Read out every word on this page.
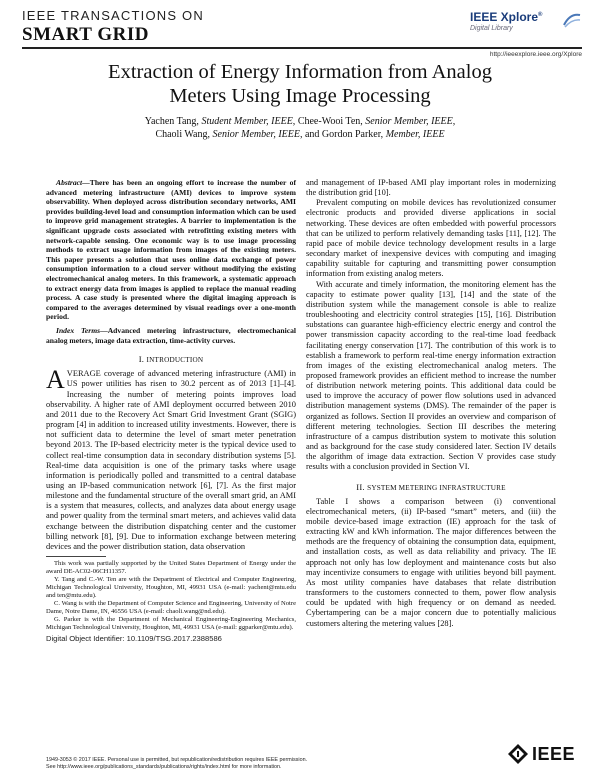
IEEE TRANSACTIONS ON
SMART GRID
IEEE Xplore®
Digital Library
http://ieeexplore.ieee.org/Xplore
Extraction of Energy Information from Analog
Meters Using Image Processing
Yachen Tang, Student Member, IEEE, Chee-Wooi Ten, Senior Member, IEEE,
Chaoli Wang, Senior Member, IEEE, and Gordon Parker, Member, IEEE

Abstract—There has been an ongoing effort to increase the number of advanced metering infrastructure (AMI) devices to improve system observability. When deployed across distribution secondary networks, AMI provides building-level load and consumption information which can be used to improve grid management strategies. A barrier to implementation is the significant upgrade costs associated with retrofitting existing meters with network-capable sensing. One economic way is to use image processing methods to extract usage information from images of the existing meters. This paper presents a solution that uses online data exchange of power consumption information to a cloud server without modifying the existing electromechanical analog meters. In this framework, a systematic approach to extract energy data from images is applied to replace the manual reading process. A case study is presented where the digital imaging approach is compared to the averages determined by visual readings over a one-month period.

Index Terms—Advanced metering infrastructure, electromechanical analog meters, image data extraction, time-activity curves.

I. INTRODUCTION

AVERAGE coverage of advanced metering infrastructure (AMI) in US power utilities has risen to 30.2 percent as of 2013 [1]–[4]. Increasing the number of metering points improves load observability. A higher rate of AMI deployment occurred between 2010 and 2011 due to the Recovery Act Smart Grid Investment Grant (SGIG) program [4] in addition to increased utility investments. However, there is not sufficient data to determine the level of smart meter penetration beyond 2013. The IP-based electricity meter is the typical device used to collect real-time consumption data in secondary distribution systems [5]. Real-time data acquisition is one of the primary tasks where usage information is periodically polled and transmitted to a central database using an IP-based communication network [6], [7]. As the first major milestone and the fundamental structure of the overall smart grid, an AMI is a system that measures, collects, and analyzes data about energy usage and power quality from the terminal smart meters, and achieves valid data exchange between the distribution dispatching center and the customer billing network [8], [9]. Due to information exchange between metering devices and the power distribution station, data observation

This work was partially supported by the United States Department of Energy under the award DE-AC02-06CH11357.

Y. Tang and C.-W. Ten are with the Department of Electrical and Computer Engineering, Michigan Technological University, Houghton, MI, 49931 USA (e-mail: yachent@mtu.edu and ten@mtu.edu).

C. Wang is with the Department of Computer Science and Engineering, University of Notre Dame, Notre Dame, IN, 46556 USA (e-mail: chaoli.wang@nd.edu).

G. Parker is with the Department of Mechanical Engineering-Engineering Mechanics, Michigan Technological University, Houghton, MI, 49931 USA (e-mail: ggparker@mtu.edu).

Digital Object Identifier: 10.1109/TSG.2017.2388586

and management of IP-based AMI play important roles in modernizing the distribution grid [10].

Prevalent computing on mobile devices has revolutionized consumer electronic products and provided diverse applications in social networking. These devices are often embedded with powerful processors that can be utilized to perform relatively demanding tasks [11], [12]. The rapid pace of mobile device technology development results in a large secondary market of inexpensive devices with computing and imaging capability suitable for capturing and transmitting power consumption information from existing analog meters.

With accurate and timely information, the monitoring element has the capacity to estimate power quality [13], [14] and the state of the distribution system while the management console is able to realize troubleshooting and electricity control strategies [15], [16]. Distribution substations can guarantee high-efficiency electric energy and control the power transmission capacity according to the real-time load feedback facilitating energy conservation [17]. The contribution of this work is to establish a framework to perform real-time energy information extraction from images of the existing electromechanical analog meters. The proposed framework provides an efficient method to increase the number of distribution network metering points. This additional data could be used to improve the accuracy of power flow solutions used in advanced distribution management systems (DMS). The remainder of the paper is organized as follows. Section II provides an overview and comparison of different metering technologies. Section III describes the metering infrastructure of a campus distribution system to motivate this solution and as background for the case study considered later. Section IV details the algorithm of image data extraction. Section V provides case study results with a conclusion provided in Section VI.

II. SYSTEM METERING INFRASTRUCTURE

Table I shows a comparison between (i) conventional electromechanical meters, (ii) IP-based “smart” meters, and (iii) the mobile device-based image extraction (IE) approach for the task of extracting kW and kWh information. The major differences between the methods are the frequency of obtaining the consumption data, equipment, and installation costs, as well as data reliability and privacy. The IE approach not only has low deployment and maintenance costs but also may incentivize consumers to engage with utilities beyond bill payment. As most utility companies have databases that relate distribution transformers to the customers connected to them, power flow analysis could be updated with high frequency or on demand as needed. Cybertampering can be a major concern due to potentially malicious customers altering the metering values [28].

1949-3053 © 2017 IEEE. Personal use is permitted, but republication/redistribution requires IEEE permission.
See http://www.ieee.org/publications_standards/publications/rights/index.html for more information.
IEEE
